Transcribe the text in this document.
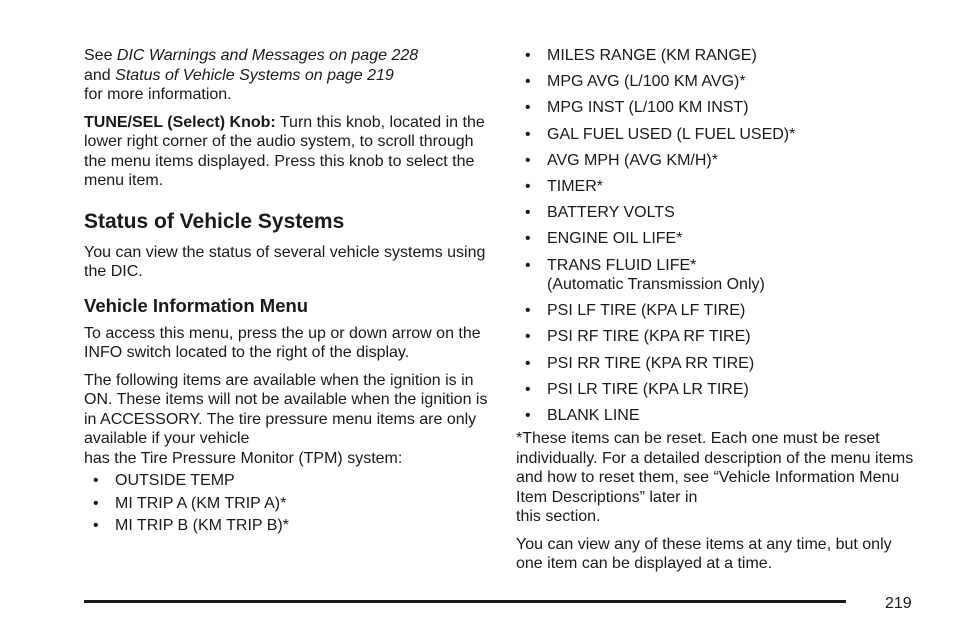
See DIC Warnings and Messages on page 228
and Status of Vehicle Systems on page 219
for more information.

TUNE/SEL (Select) Knob: Turn this knob, located in the lower right corner of the audio system, to scroll through the menu items displayed. Press this knob to select the
menu item.

Status of Vehicle Systems

You can view the status of several vehicle systems using the DIC.

Vehicle Information Menu

To access this menu, press the up or down arrow on the INFO switch located to the right of the display.

The following items are available when the ignition is in ON. These items will not be available when the ignition is in ACCESSORY. The tire pressure menu items are only available if your vehicle
has the Tire Pressure Monitor (TPM) system:

• OUTSIDE TEMP
• MI TRIP A (KM TRIP A)*
• MI TRIP B (KM TRIP B)*
• MILES RANGE (KM RANGE)
• MPG AVG (L/100 KM AVG)*
• MPG INST (L/100 KM INST)
• GAL FUEL USED (L FUEL USED)*
• AVG MPH (AVG KM/H)*
• TIMER*
• BATTERY VOLTS
• ENGINE OIL LIFE*
• TRANS FLUID LIFE*
(Automatic Transmission Only)
• PSI LF TIRE (KPA LF TIRE)
• PSI RF TIRE (KPA RF TIRE)
• PSI RR TIRE (KPA RR TIRE)
• PSI LR TIRE (KPA LR TIRE)
• BLANK LINE

*These items can be reset. Each one must be reset individually. For a detailed description of the menu items and how to reset them, see “Vehicle Information Menu Item Descriptions” later in
this section.

You can view any of these items at any time, but only one item can be displayed at a time.

219
